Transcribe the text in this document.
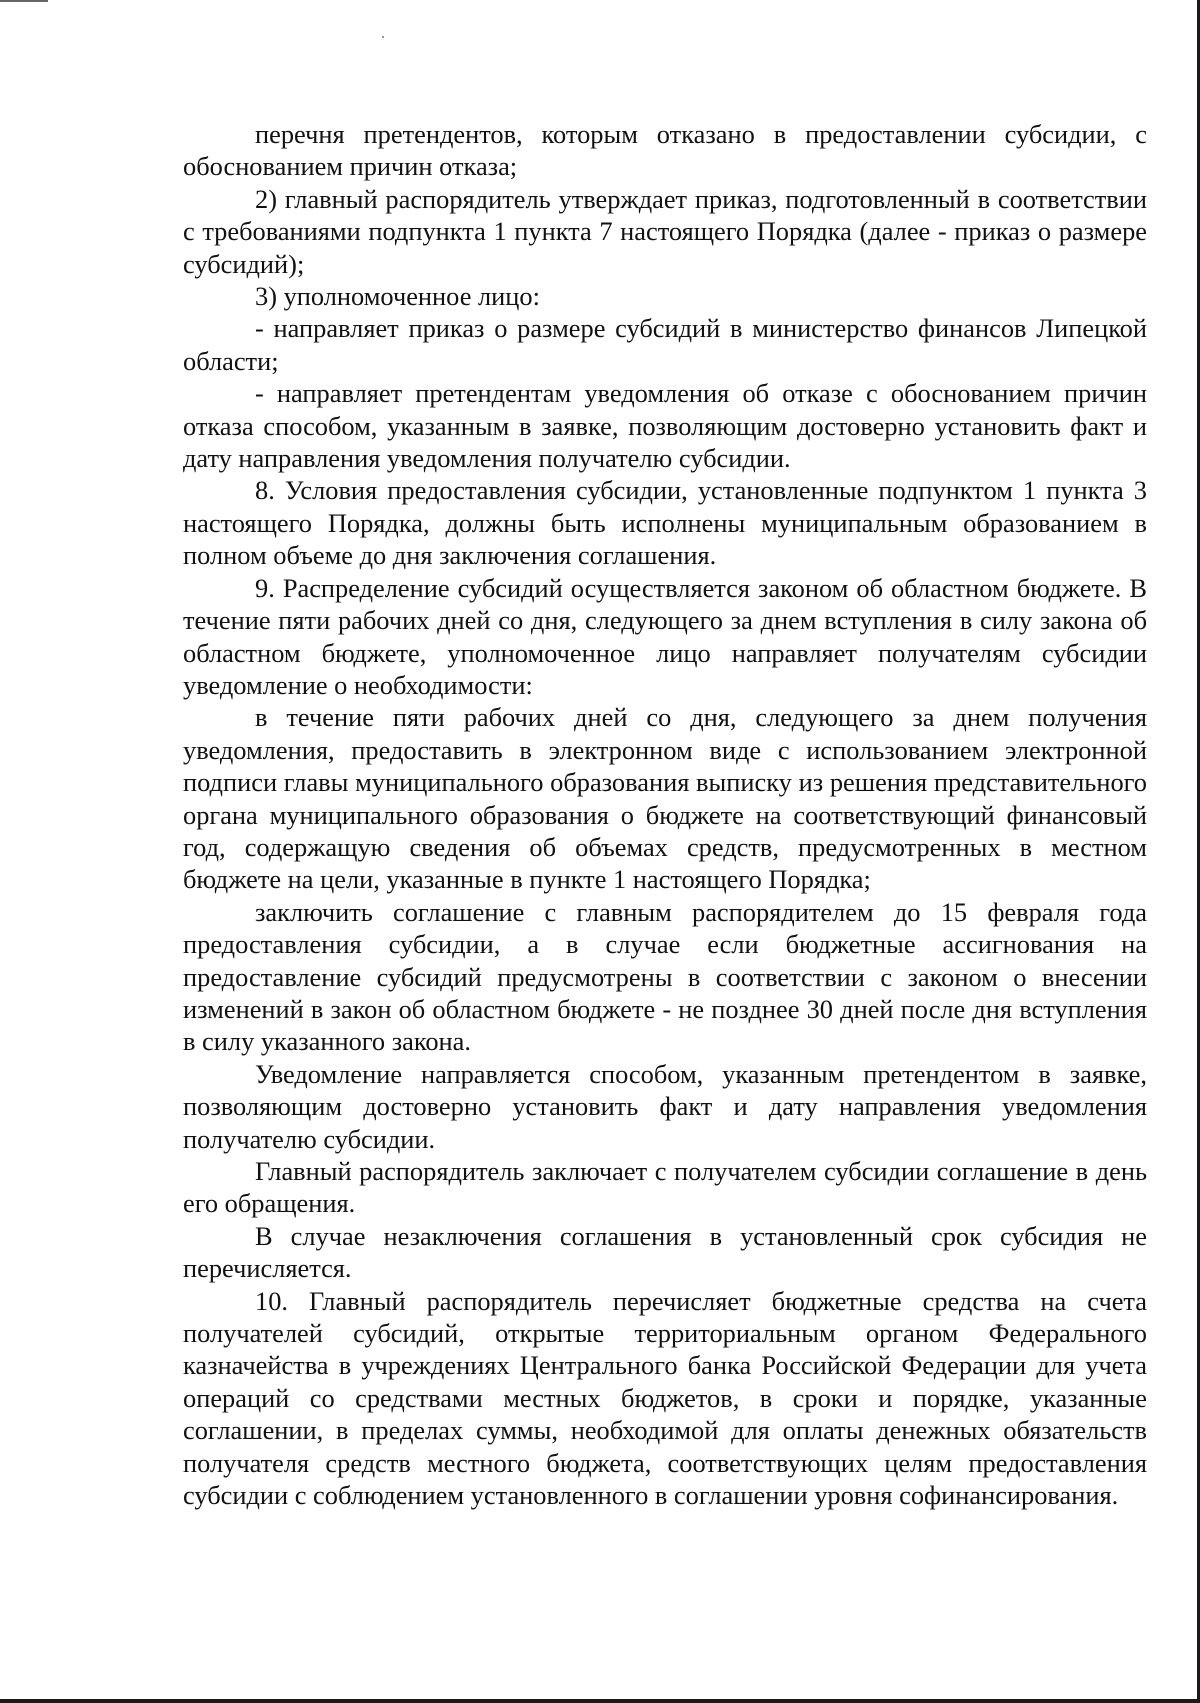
перечня претендентов, которым отказано в предоставлении субсидии, с обоснованием причин отказа;

2) главный распорядитель утверждает приказ, подготовленный в соответствии с требованиями подпункта 1 пункта 7 настоящего Порядка (далее - приказ о размере субсидий);

3) уполномоченное лицо:

- направляет приказ о размере субсидий в министерство финансов Липецкой области;

- направляет претендентам уведомления об отказе с обоснованием причин отказа способом, указанным в заявке, позволяющим достоверно установить факт и дату направления уведомления получателю субсидии.

8. Условия предоставления субсидии, установленные подпунктом 1 пункта 3 настоящего Порядка, должны быть исполнены муниципальным образованием в полном объеме до дня заключения соглашения.

9. Распределение субсидий осуществляется законом об областном бюджете. В течение пяти рабочих дней со дня, следующего за днем вступления в силу закона об областном бюджете, уполномоченное лицо направляет получателям субсидии уведомление о необходимости:

в течение пяти рабочих дней со дня, следующего за днем получения уведомления, предоставить в электронном виде с использованием электронной подписи главы муниципального образования выписку из решения представительного органа муниципального образования о бюджете на соответствующий финансовый год, содержащую сведения об объемах средств, предусмотренных в местном бюджете на цели, указанные в пункте 1 настоящего Порядка;

заключить соглашение с главным распорядителем до 15 февраля года предоставления субсидии, а в случае если бюджетные ассигнования на предоставление субсидий предусмотрены в соответствии с законом о внесении изменений в закон об областном бюджете - не позднее 30 дней после дня вступления в силу указанного закона.

Уведомление направляется способом, указанным претендентом в заявке, позволяющим достоверно установить факт и дату направления уведомления получателю субсидии.

Главный распорядитель заключает с получателем субсидии соглашение в день его обращения.

В случае незаключения соглашения в установленный срок субсидия не перечисляется.

10. Главный распорядитель перечисляет бюджетные средства на счета получателей субсидий, открытые территориальным органом Федерального казначейства в учреждениях Центрального банка Российской Федерации для учета операций со средствами местных бюджетов, в сроки и порядке, указанные соглашении, в пределах суммы, необходимой для оплаты денежных обязательств получателя средств местного бюджета, соответствующих целям предоставления субсидии с соблюдением установленного в соглашении уровня софинансирования.
